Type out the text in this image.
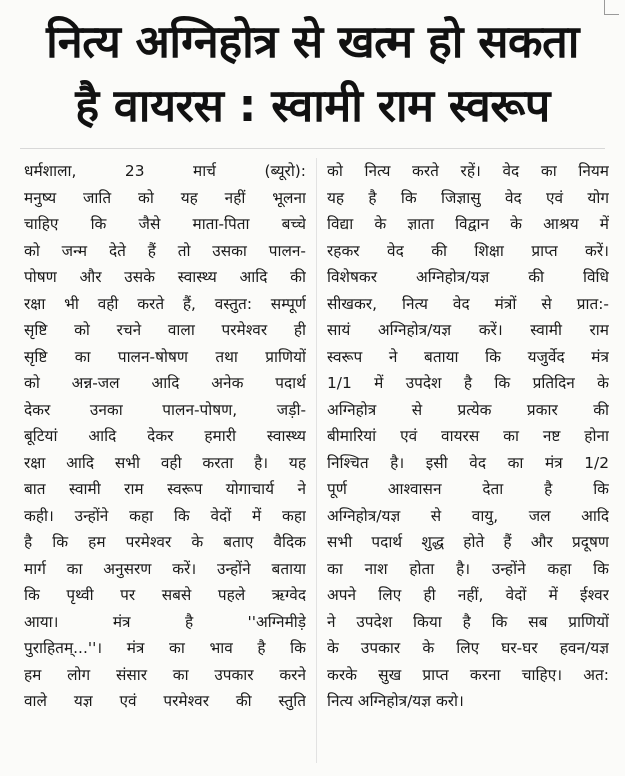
नित्य अग्निहोत्र से खत्म हो सकता
है वायरस : स्वामी राम स्वरूप
धर्मशाला, 23 मार्च (ब्यूरो):
मनुष्य जाति को यह नहीं भूलना
चाहिए कि जैसे माता-पिता बच्चे
को जन्म देते हैं तो उसका पालन-
पोषण और उसके स्वास्थ्य आदि की
रक्षा भी वही करते हैं, वस्तुत: सम्पूर्ण
सृष्टि को रचने वाला परमेश्वर ही
सृष्टि का पालन-षोषण तथा प्राणियों
को अन्न-जल आदि अनेक पदार्थ
देकर उनका पालन-पोषण, जड़ी-
बूटियां आदि देकर हमारी स्वास्थ्य
रक्षा आदि सभी वही करता है। यह
बात स्वामी राम स्वरूप योगाचार्य ने
कही। उन्होंने कहा कि वेदों में कहा
है कि हम परमेश्वर के बताए वैदिक
मार्ग का अनुसरण करें। उन्होंने बताया
कि पृथ्वी पर सबसे पहले ऋग्वेद
आया। मंत्र है ''अग्निमीड़े
पुराहितम्...''। मंत्र का भाव है कि
हम लोग संसार का उपकार करने
वाले यज्ञ एवं परमेश्वर की स्तुति
को नित्य करते रहें। वेद का नियम
यह है कि जिज्ञासु वेद एवं योग
विद्या के ज्ञाता विद्वान के आश्रय में
रहकर वेद की शिक्षा प्राप्त करें।
विशेषकर अग्निहोत्र/यज्ञ की विधि
सीखकर, नित्य वेद मंत्रों से प्रात:-
सायं अग्निहोत्र/यज्ञ करें। स्वामी राम
स्वरूप ने बताया कि यजुर्वेद मंत्र
1/1 में उपदेश है कि प्रतिदिन के
अग्निहोत्र से प्रत्येक प्रकार की
बीमारियां एवं वायरस का नष्ट होना
निश्चित है। इसी वेद का मंत्र 1/2
पूर्ण आश्वासन देता है कि
अग्निहोत्र/यज्ञ से वायु, जल आदि
सभी पदार्थ शुद्ध होते हैं और प्रदूषण
का नाश होता है। उन्होंने कहा कि
अपने लिए ही नहीं, वेदों में ईश्वर
ने उपदेश किया है कि सब प्राणियों
के उपकार के लिए घर-घर हवन/यज्ञ
करके सुख प्राप्त करना चाहिए। अत:
नित्य अग्निहोत्र/यज्ञ करो।
